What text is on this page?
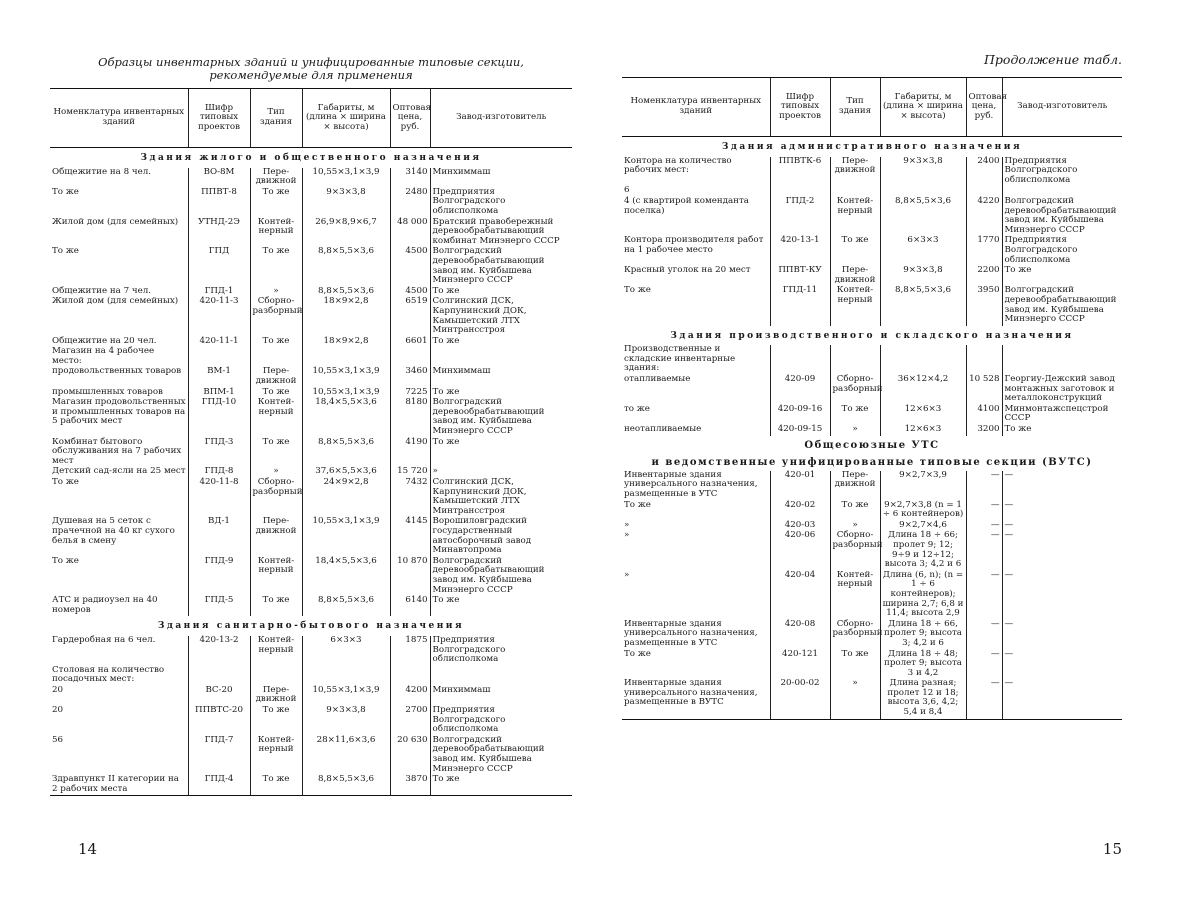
Образцы инвентарных зданий и унифицированные типовые секции,
рекомендуемые для применения
Номенклатура инвентарных зданий	Шифр типовых проектов	Тип здания	Габариты, м (длина × ширина × высота)	Оптовая цена, руб.	Завод-изготовитель
Здания жилого и общественного назначения					
Общежитие на 8 чел.	ВО-8М	Пере-движной	10,55×3,1×3,9	3140	Минхиммаш
То же	ППВТ-8	То же	9×3×3,8	2480	Предприятия Волгоградского облисполкома
Жилой дом (для семейных)	УТНД-2Э	Контей-нерный	26,9×8,9×6,7	48 000	Братский правобережный деревообрабатывающий комбинат Минэнерго СССР
То же	ГПД	То же	8,8×5,5×3,6	4500	Волгоградский деревообрабатывающий завод им. Куйбышева Минэнерго СССР
Общежитие на 7 чел.	ГПД-1	»	8,8×5,5×3,6	4500	То же
Жилой дом (для семейных)	420-11-3	Сборно-разборный	18×9×2,8	6519	Солгинский ДСК, Карпунинский ДОК, Камышетский ЛТХ Минтрансстроя
Общежитие на 20 чел.	420-11-1	То же	18×9×2,8	6601	То же
Магазин на 4 рабочее место:					
продовольственных товаров	ВМ-1	Пере-движной	10,55×3,1×3,9	3460	Минхиммаш
промышленных товаров	ВПМ-1	То же	10,55×3,1×3,9	7225	То же
Магазин продовольственных и промышленных товаров на 5 рабочих мест	ГПД-10	Контей-нерный	18,4×5,5×3,6	8180	Волгоградский деревообрабатывающий завод им. Куйбышева Минэнерго СССР
Комбинат бытового обслуживания на 7 рабочих мест	ГПД-3	То же	8,8×5,5×3,6	4190	То же
Детский сад-ясли на 25 мест	ГПД-8	»	37,6×5,5×3,6	15 720	»
То же	420-11-8	Сборно-разборный	24×9×2,8	7432	Солгинский ДСК, Карпунинский ДОК, Камышетский ЛТХ Минтрансстроя
Душевая на 5 сеток с прачечной на 40 кг сухого белья в смену	ВД-1	Пере-движной	10,55×3,1×3,9	4145	Ворошиловградский государственный автосборочный завод Минавтопрома
То же	ГПД-9	Контей-нерный	18,4×5,5×3,6	10 870	Волгоградский деревообрабатывающий завод им. Куйбышева Минэнерго СССР
АТС и радиоузел на 40 номеров	ГПД-5	То же	8,8×5,5×3,6	6140	То же
Здания санитарно-бытового назначения					
Гардеробная на 6 чел.	420-13-2	Контей-нерный	6×3×3	1875	Предприятия Волгоградского облисполкома
Столовая на количество посадочных мест:					
20	ВС-20	Пере-движной	10,55×3,1×3,9	4200	Минхиммаш
20	ППВТС-20	То же	9×3×3,8	2700	Предприятия Волгоградского облисполкома
56	ГПД-7	Контей-нерный	28×11,6×3,6	20 630	Волгоградский деревообрабатывающий завод им. Куйбышева Минэнерго СССР
Здравпункт II категории на 2 рабочих места	ГПД-4	То же	8,8×5,5×3,6	3870	То же
14
Продолжение табл.
Номенклатура инвентарных зданий	Шифр типовых проектов	Тип здания	Габариты, м (длина × ширина × высота)	Оптовая цена, руб.	Завод-изготовитель
Здания административного назначения					
Контора на количество рабочих мест:	ППВТК-6	Пере-движной	9×3×3,8	2400	Предприятия Волгоградского облисполкома
6					
4 (с квартирой коменданта поселка)	ГПД-2	Контей-нерный	8,8×5,5×3,6	4220	Волгоградский деревообрабатывающий завод им. Куйбышева Минэнерго СССР
Контора производителя работ на 1 рабочее место	420-13-1	То же	6×3×3	1770	Предприятия Волгоградского облисполкома
Красный уголок на 20 мест	ППВТ-КУ	Пере-движной	9×3×3,8	2200	То же
То же	ГПД-11	Контей-нерный	8,8×5,5×3,6	3950	Волгоградский деревообрабатывающий завод им. Куйбышева Минэнерго СССР
Здания производственного и складского назначения					
Производственные и складские инвентарные здания:					
отапливаемые	420-09	Сборно-разборный	36×12×4,2	10 528	Георгиу-Дежский завод монтажных заготовок и металлоконструкций
то же	420-09-16	То же	12×6×3	4100	Минмонтажспецстрой СССР
неотапливаемые	420-09-15	»	12×6×3	3200	То же
Общесоюзные УТС					
и ведомственные унифицированные типовые секции (ВУТС)					
Инвентарные здания универсального назначения, размещенные в УТС	420-01	Пере-движной	9×2,7×3,9	—	—
То же	420-02	То же	9×2,7×3,8 (n = 1 ÷ 6 контейнеров)	—	—
»	420-03	»	9×2,7×4,6	—	—
»	420-06	Сборно-разборный	Длина 18 ÷ 66; пролет 9; 12; 9÷9 и 12÷12; высота 3; 4,2 и 6	—	—
»	420-04	Контей-нерный	Длина (6, n); (n = 1 ÷ 6 контейнеров); ширина 2,7; 6,8 и 11,4; высота 2,9	—	—
Инвентарные здания универсального назначения, размещенные в УТС	420-08	Сборно-разборный	Длина 18 ÷ 66, пролет 9; высота 3; 4,2 и 6	—	—
То же	420-121	То же	Длина 18 ÷ 48; пролет 9; высота 3 и 4,2	—	—
Инвентарные здания универсального назначения, размещенные в ВУТС	20-00-02	»	Длина разная; пролет 12 и 18; высота 3,6, 4,2; 5,4 и 8,4	—	—
15
